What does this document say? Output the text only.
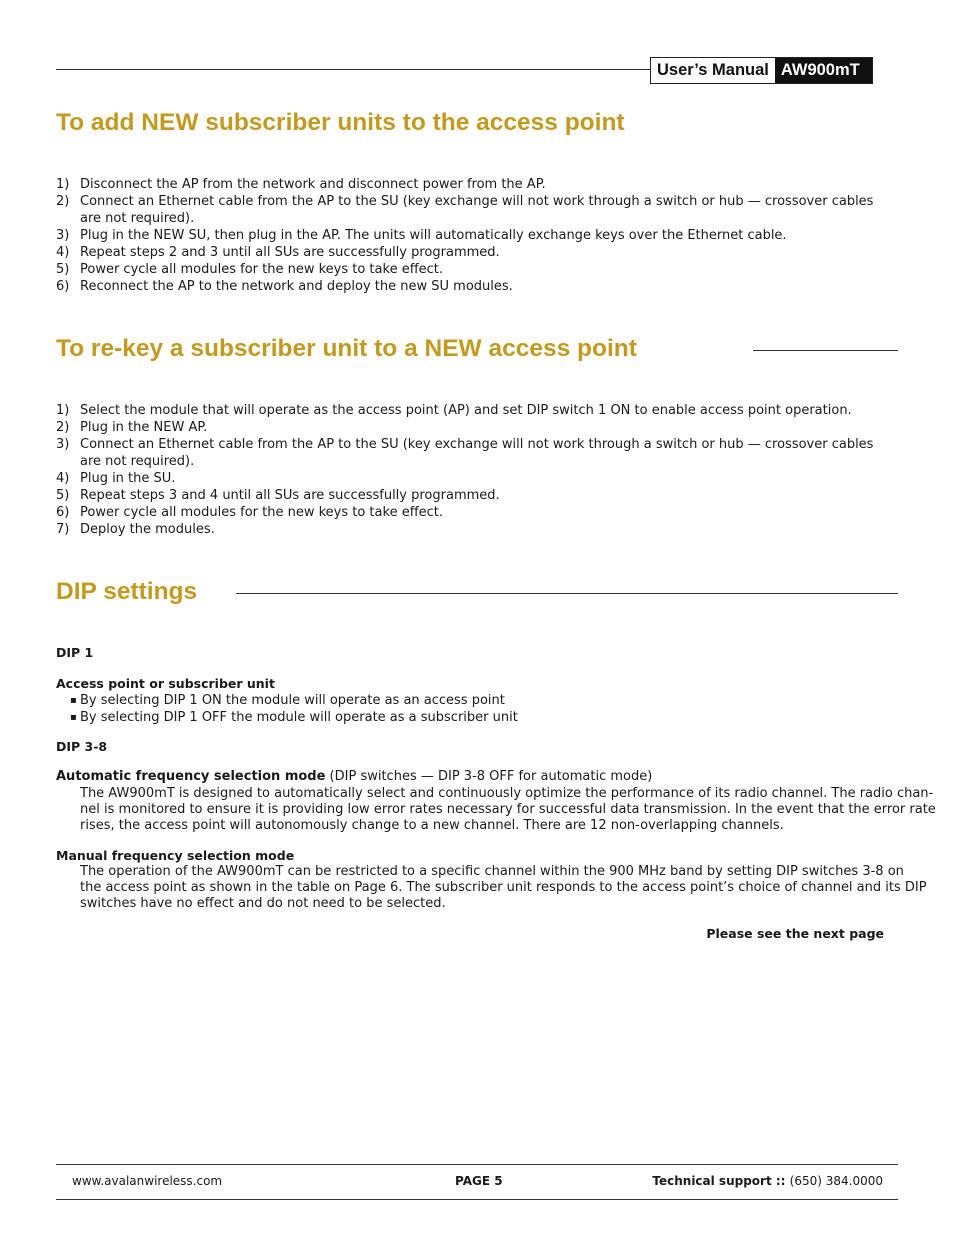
User’s Manual AW900mT
To add NEW subscriber units to the access point
1) Disconnect the AP from the network and disconnect power from the AP.
2) Connect an Ethernet cable from the AP to the SU (key exchange will not work through a switch or hub — crossover cables are not required).
3) Plug in the NEW SU, then plug in the AP. The units will automatically exchange keys over the Ethernet cable.
4) Repeat steps 2 and 3 until all SUs are successfully programmed.
5) Power cycle all modules for the new keys to take effect.
6) Reconnect the AP to the network and deploy the new SU modules.
To re-key a subscriber unit to a NEW access point
1) Select the module that will operate as the access point (AP) and set DIP switch 1 ON to enable access point operation.
2) Plug in the NEW AP.
3) Connect an Ethernet cable from the AP to the SU (key exchange will not work through a switch or hub — crossover cables are not required).
4) Plug in the SU.
5) Repeat steps 3 and 4 until all SUs are successfully programmed.
6) Power cycle all modules for the new keys to take effect.
7) Deploy the modules.
DIP settings
DIP 1
Access point or subscriber unit
▪ By selecting DIP 1 ON the module will operate as an access point
▪ By selecting DIP 1 OFF the module will operate as a subscriber unit
DIP 3-8
Automatic frequency selection mode (DIP switches — DIP 3-8 OFF for automatic mode)
The AW900mT is designed to automatically select and continuously optimize the performance of its radio channel. The radio chan-
nel is monitored to ensure it is providing low error rates necessary for successful data transmission. In the event that the error rate
rises, the access point will autonomously change to a new channel. There are 12 non-overlapping channels.
Manual frequency selection mode
The operation of the AW900mT can be restricted to a specific channel within the 900 MHz band by setting DIP switches 3-8 on
the access point as shown in the table on Page 6. The subscriber unit responds to the access point’s choice of channel and its DIP
switches have no effect and do not need to be selected.
Please see the next page
www.avalanwireless.com	PAGE 5	Technical support :: (650) 384.0000
